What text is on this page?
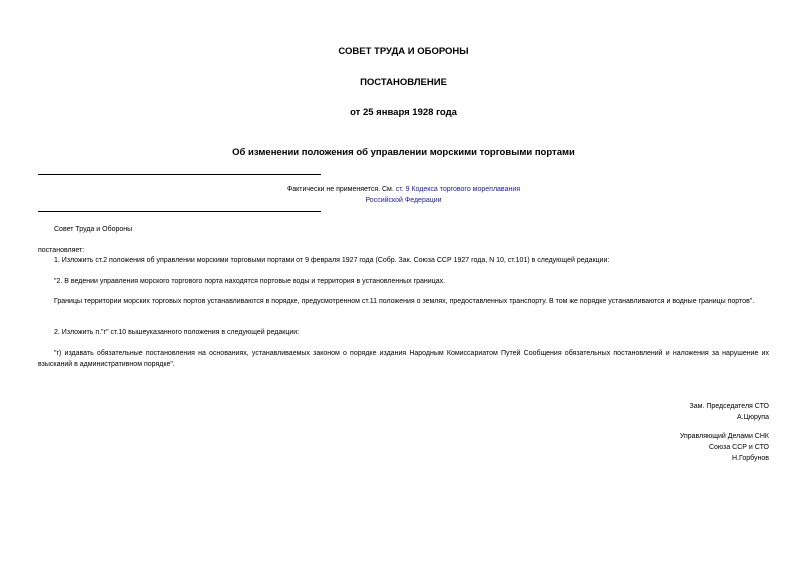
СОВЕТ ТРУДА И ОБОРОНЫ
ПОСТАНОВЛЕНИЕ
от 25 января 1928 года
Об изменении положения об управлении морскими торговыми портами
Фактически не применяется. См. ст. 9 Кодекса торгового мореплавания
Российской Федерации
Совет Труда и Обороны
постановляет:
1. Изложить ст.2 положения об управлении морскими торговыми портами от 9 февраля 1927 года (Собр. Зак. Союза ССР 1927 года, N 10, ст.101) в следующей редакции:
"2. В ведении управления морского торгового порта находятся портовые воды и территория в установленных границах.
Границы территории морских торговых портов устанавливаются в порядке, предусмотренном ст.11 положения о землях, предоставленных транспорту. В том же порядке устанавливаются и водные границы портов".
2. Изложить п."г" ст.10 вышеуказанного положения в следующей редакции:
"г) издавать обязательные постановления на основаниях, устанавливаемых законом о порядке издания Народным Комиссариатом Путей Сообщения обязательных постановлений и наложения за нарушение их взысканий в административном порядке".
Зам. Председателя СТО
А.Цюрупа
Управляющий Делами СНК
Союза ССР и СТО
Н.Горбунов
